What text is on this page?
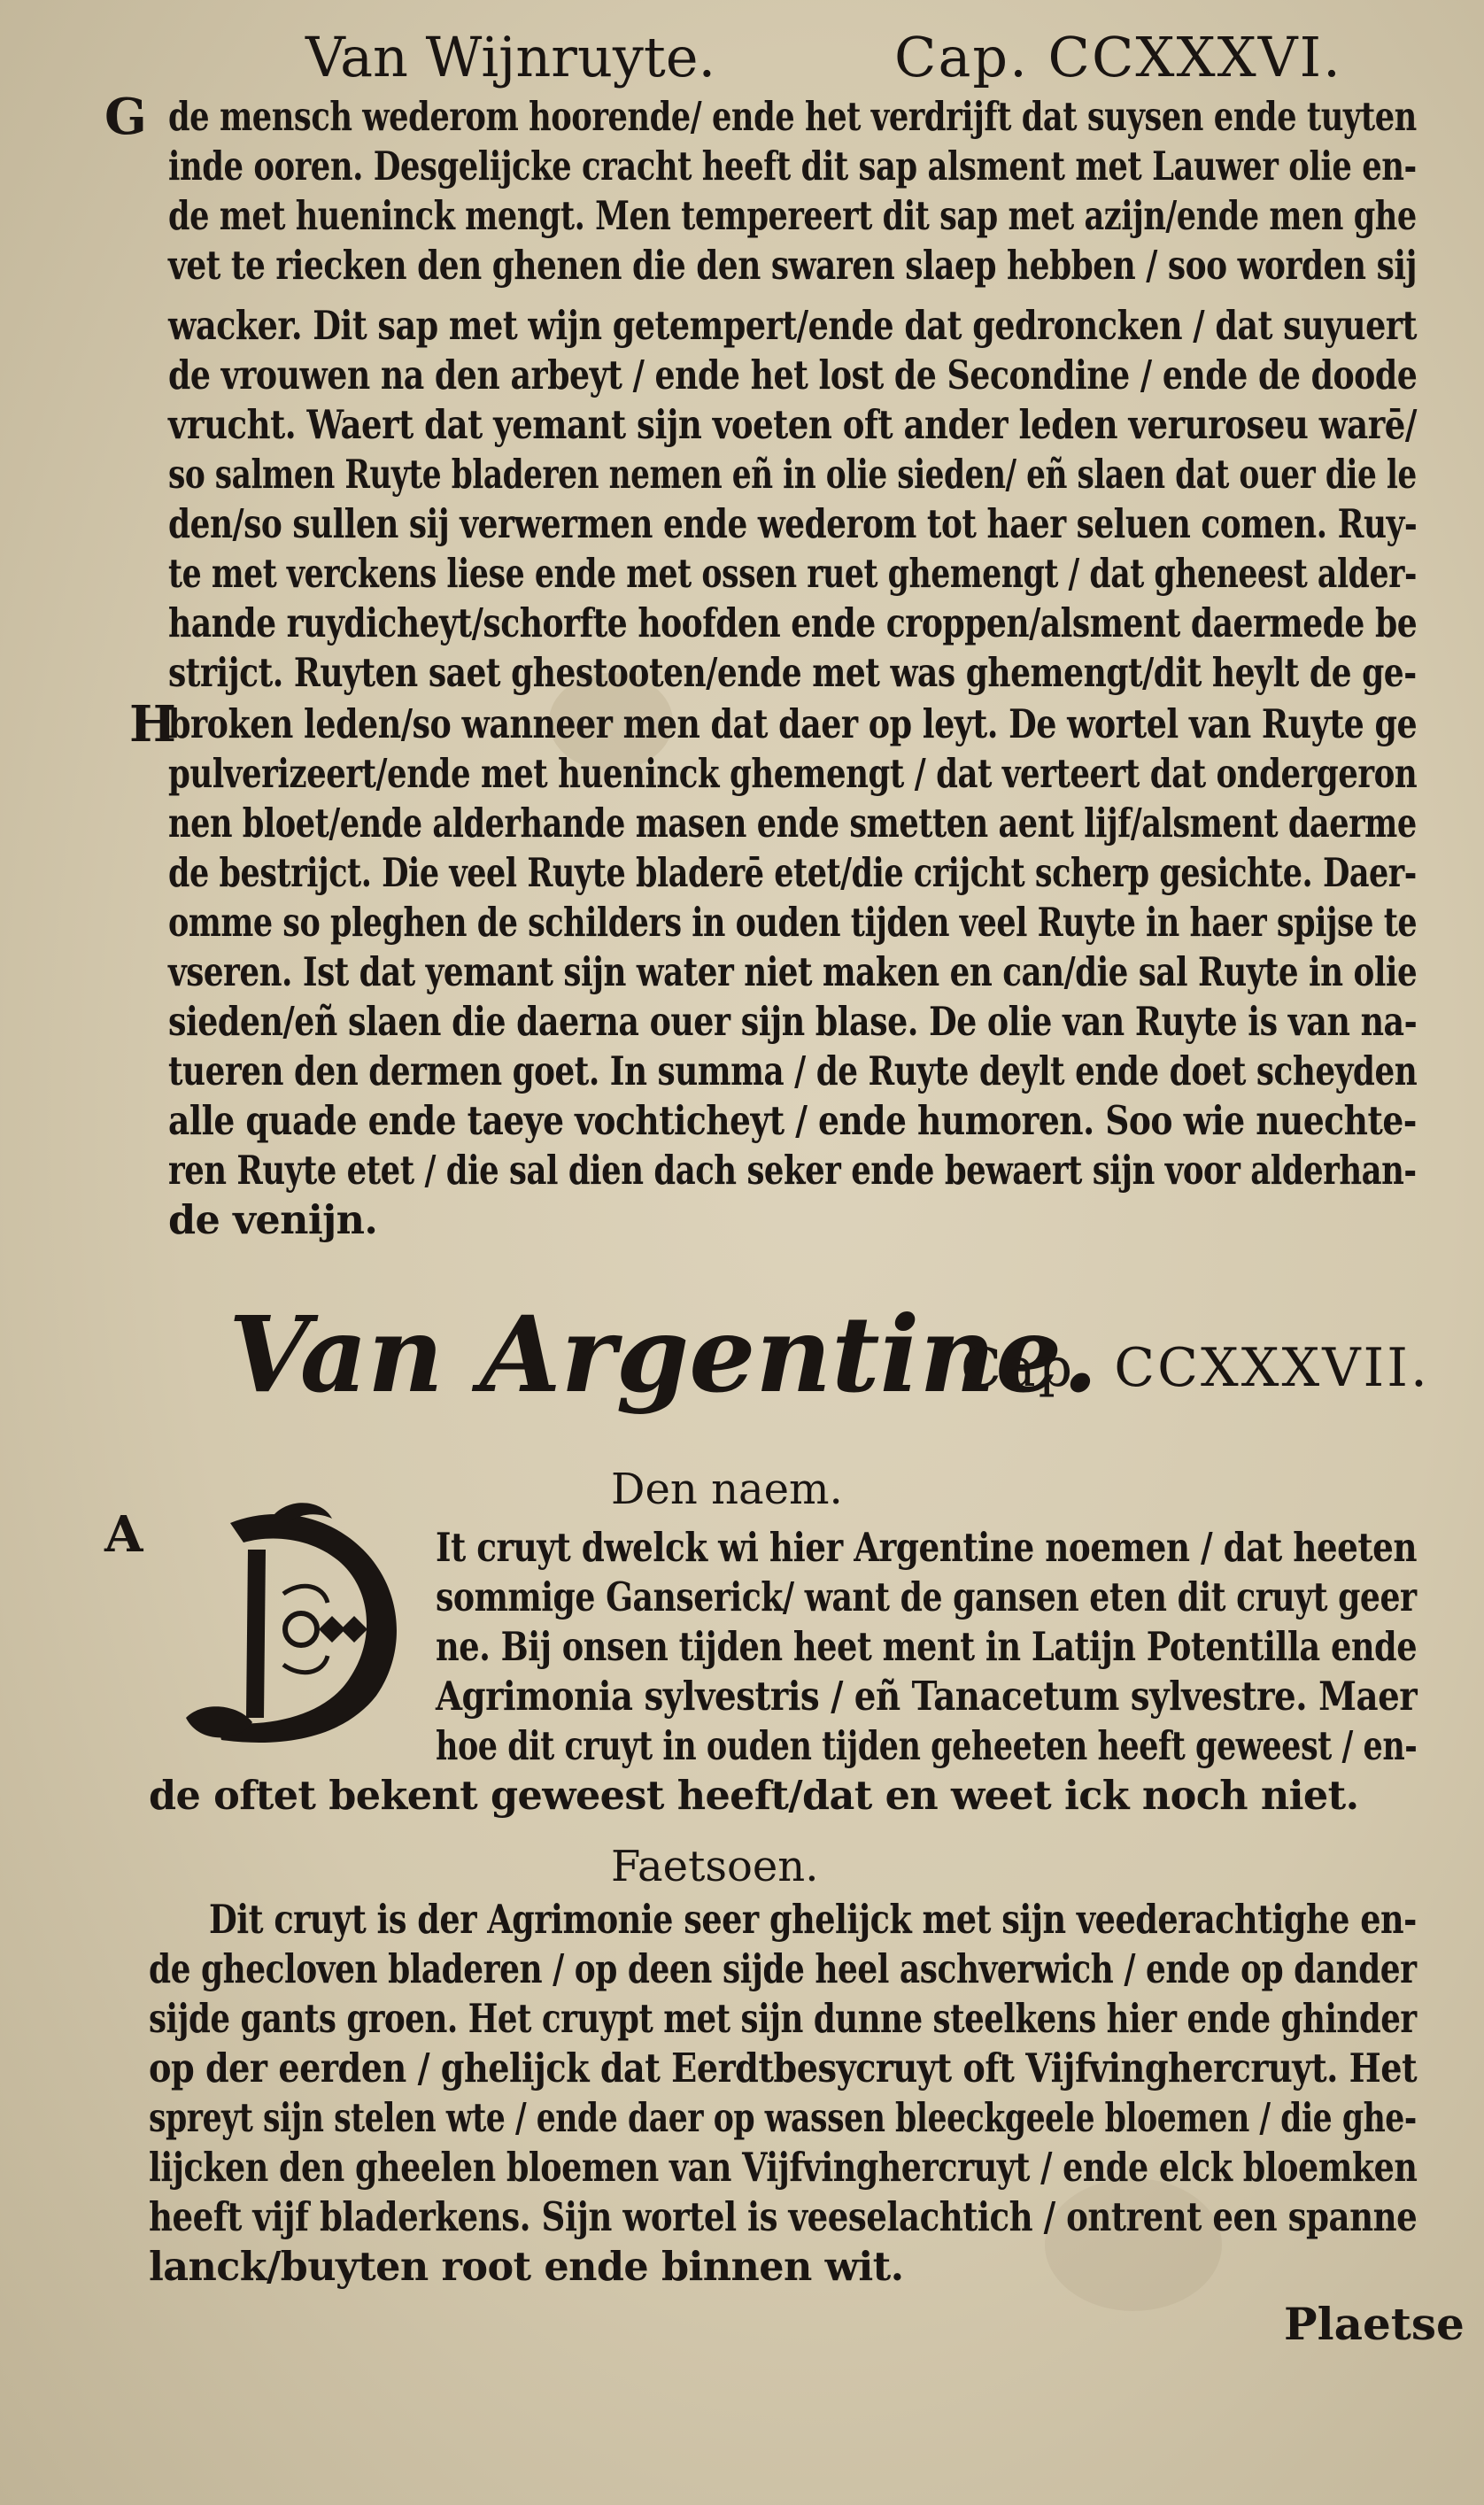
Van Wijnruyte.	Cap. CCXXXVI.
G
H
A
de mensch wederom hoorende/ ende het verdrijft dat suysen ende tuyten
inde ooren. Desgelijcke cracht heeft dit sap alsment met Lauwer olie en-
de met hueninck mengt. Men tempereert dit sap met azijn/ende men ghe
vet te riecken den ghenen die den swaren slaep hebben / soo worden sij
wacker. Dit sap met wijn getempert/ende dat gedroncken / dat suyuert
de vrouwen na den arbeyt / ende het lost de Secondine / ende de doode
vrucht. Waert dat yemant sijn voeten oft ander leden veruroseu warē/
so salmen Ruyte bladeren nemen eñ in olie sieden/ eñ slaen dat ouer die le
den/so sullen sij verwermen ende wederom tot haer seluen comen. Ruy-
te met verckens liese ende met ossen ruet ghemengt / dat gheneest alder-
hande ruydicheyt/schorfte hoofden ende croppen/alsment daermede be
strijct. Ruyten saet ghestooten/ende met was ghemengt/dit heylt de ge-
broken leden/so wanneer men dat daer op leyt. De wortel van Ruyte ge
pulverizeert/ende met hueninck ghemengt / dat verteert dat ondergeron
nen bloet/ende alderhande masen ende smetten aent lijf/alsment daerme
de bestrijct. Die veel Ruyte bladerē etet/die crijcht scherp gesichte. Daer-
omme so pleghen de schilders in ouden tijden veel Ruyte in haer spijse te
vseren. Ist dat yemant sijn water niet maken en can/die sal Ruyte in olie
sieden/eñ slaen die daerna ouer sijn blase. De olie van Ruyte is van na-
tueren den dermen goet. In summa / de Ruyte deylt ende doet scheyden
alle quade ende taeye vochticheyt / ende humoren. Soo wie nuechte-
ren Ruyte etet / die sal dien dach seker ende bewaert sijn voor alderhan-
de venijn.
Van Argentine.
Cap. CCXXXVII.
Den naem.
It cruyt dwelck wi hier Argentine noemen / dat heeten
sommige Ganserick/ want de gansen eten dit cruyt geer
ne. Bij onsen tijden heet ment in Latijn Potentilla ende
Agrimonia sylvestris / eñ Tanacetum sylvestre. Maer
hoe dit cruyt in ouden tijden geheeten heeft geweest / en-
de oftet bekent geweest heeft/dat en weet ick noch niet.
Faetsoen.
Dit cruyt is der Agrimonie seer ghelijck met sijn veederachtighe en-
de ghecloven bladeren / op deen sijde heel aschverwich / ende op dander
sijde gants groen. Het cruypt met sijn dunne steelkens hier ende ghinder
op der eerden / ghelijck dat Eerdtbesycruyt oft Vijfvinghercruyt. Het
spreyt sijn stelen wte / ende daer op wassen bleeckgeele bloemen / die ghe-
lijcken den gheelen bloemen van Vijfvinghercruyt / ende elck bloemken
heeft vijf bladerkens. Sijn wortel is veeselachtich / ontrent een spanne
lanck/buyten root ende binnen wit.
Plaetse
